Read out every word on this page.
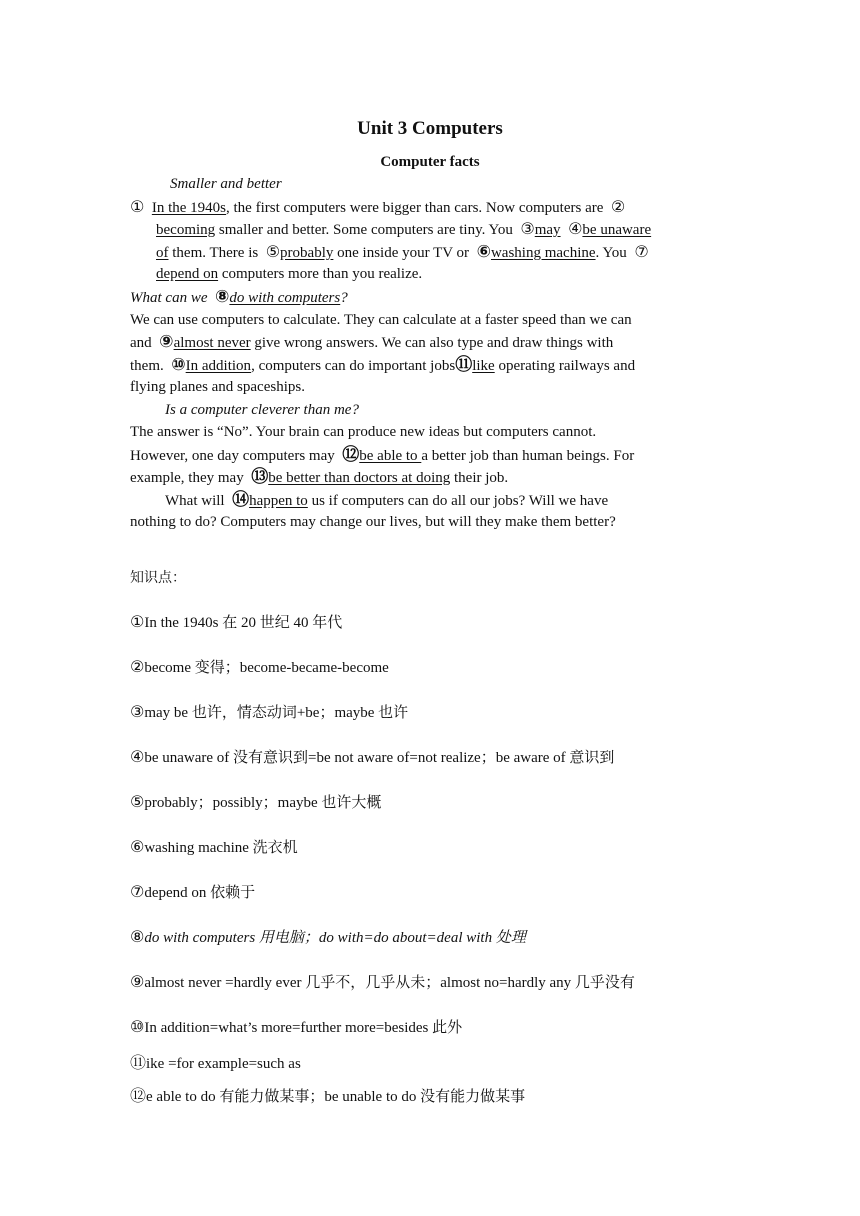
Unit 3 Computers
Computer facts
Smaller and better
① In the 1940s, the first computers were bigger than cars. Now computers are ②
becoming smaller and better. Some computers are tiny. You ③may ④be unaware
of them. There is ⑤probably one inside your TV or ⑥washing machine. You ⑦
depend on computers more than you realize.
What can we ⑧do with computers?
We can use computers to calculate. They can calculate at a faster speed than we can
and ⑨almost never give wrong answers. We can also type and draw things with
them. ⑩In addition, computers can do important jobs⑪like operating railways and
flying planes and spaceships.
Is a computer cleverer than me?
The answer is “No”. Your brain can produce new ideas but computers cannot.
However, one day computers may ⑫be able to a better job than human beings. For
example, they may ⑬be better than doctors at doing their job.
What will ⑭happen to us if computers can do all our jobs? Will we have
nothing to do? Computers may change our lives, but will they make them better?
知识点：
①In the 1940s 在 20 世纪 40 年代
②become 变得；become-became-become
③may be 也许，情态动词+be；maybe 也许
④be unaware of 没有意识到=be not aware of=not realize；be aware of 意识到
⑤probably；possibly；maybe 也许大概
⑥washing machine 洗衣机
⑦depend on 依赖于
⑧do with computers 用电脑；do with=do about=deal with 处理
⑨almost never =hardly ever 几乎不，几乎从未；almost no=hardly any 几乎没有
⑩In addition=what’s more=further more=besides 此外
⑪ike =for example=such as
⑫e able to do 有能力做某事；be unable to do 没有能力做某事
